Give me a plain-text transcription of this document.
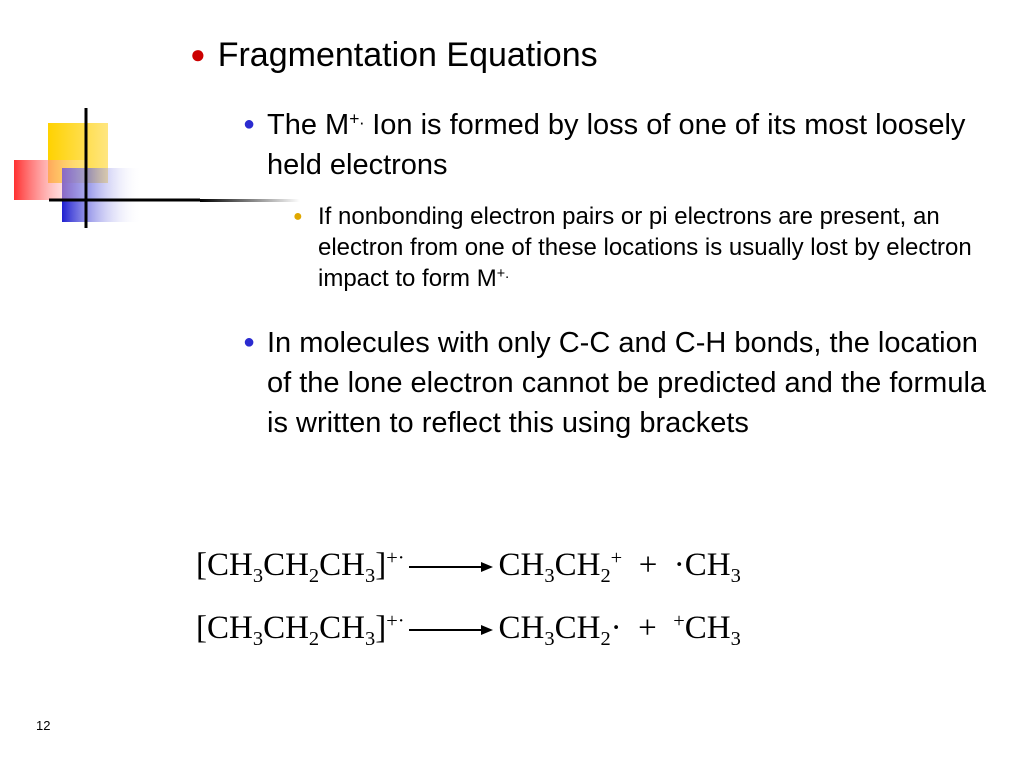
● Fragmentation Equations
● The M+. Ion is formed by loss of one of its most loosely held electrons
● If nonbonding electron pairs or pi electrons are present, an electron from one of these locations is usually lost by electron impact to form M+.
● In molecules with only C-C and C-H bonds, the location of the lone electron cannot be predicted and the formula is written to reflect this using brackets
$[CH_3CH_2CH_3]^{+\cdot} \to CH_3CH_2^+ + \cdot CH_3$
$[CH_3CH_2CH_3]^{+\cdot} \to CH_3CH_2\cdot + ^+CH_3$
12
